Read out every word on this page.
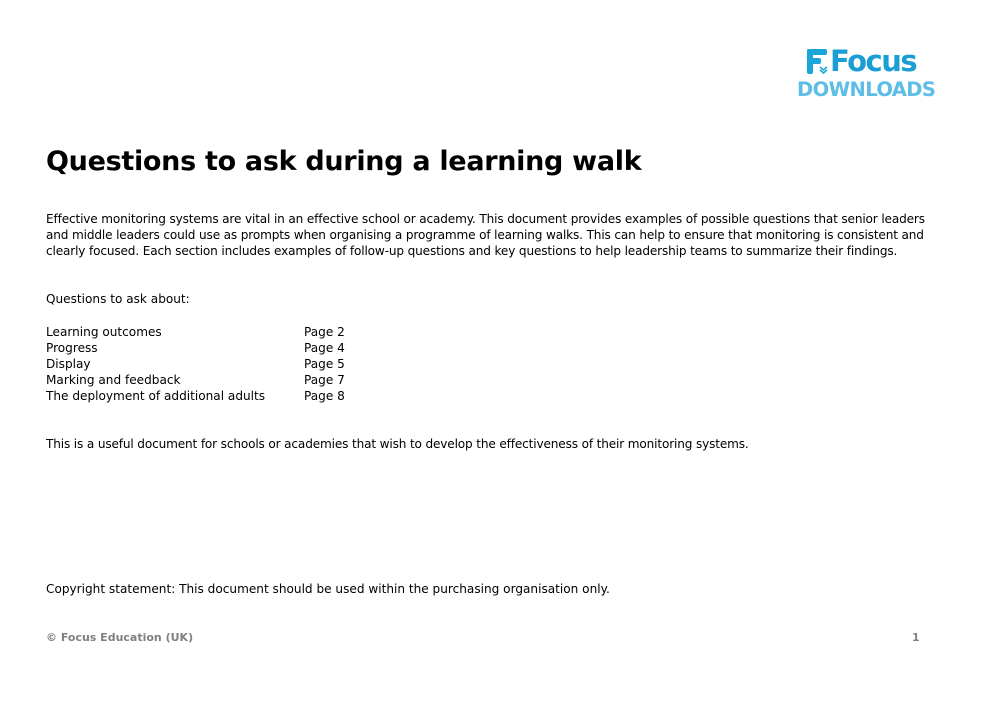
Focus
DOWNLOADS
Questions to ask during a learning walk

Effective monitoring systems are vital in an effective school or academy. This document provides examples of possible questions that senior leaders and middle leaders could use as prompts when organising a programme of learning walks. This can help to ensure that monitoring is consistent and clearly focused. Each section includes examples of follow-up questions and key questions to help leadership teams to summarize their findings.

Questions to ask about:

Learning outcomes	Page 2
Progress	Page 4
Display	Page 5
Marking and feedback	Page 7
The deployment of additional adults	Page 8

This is a useful document for schools or academies that wish to develop the effectiveness of their monitoring systems.

Copyright statement: This document should be used within the purchasing organisation only.

© Focus Education (UK)	1
